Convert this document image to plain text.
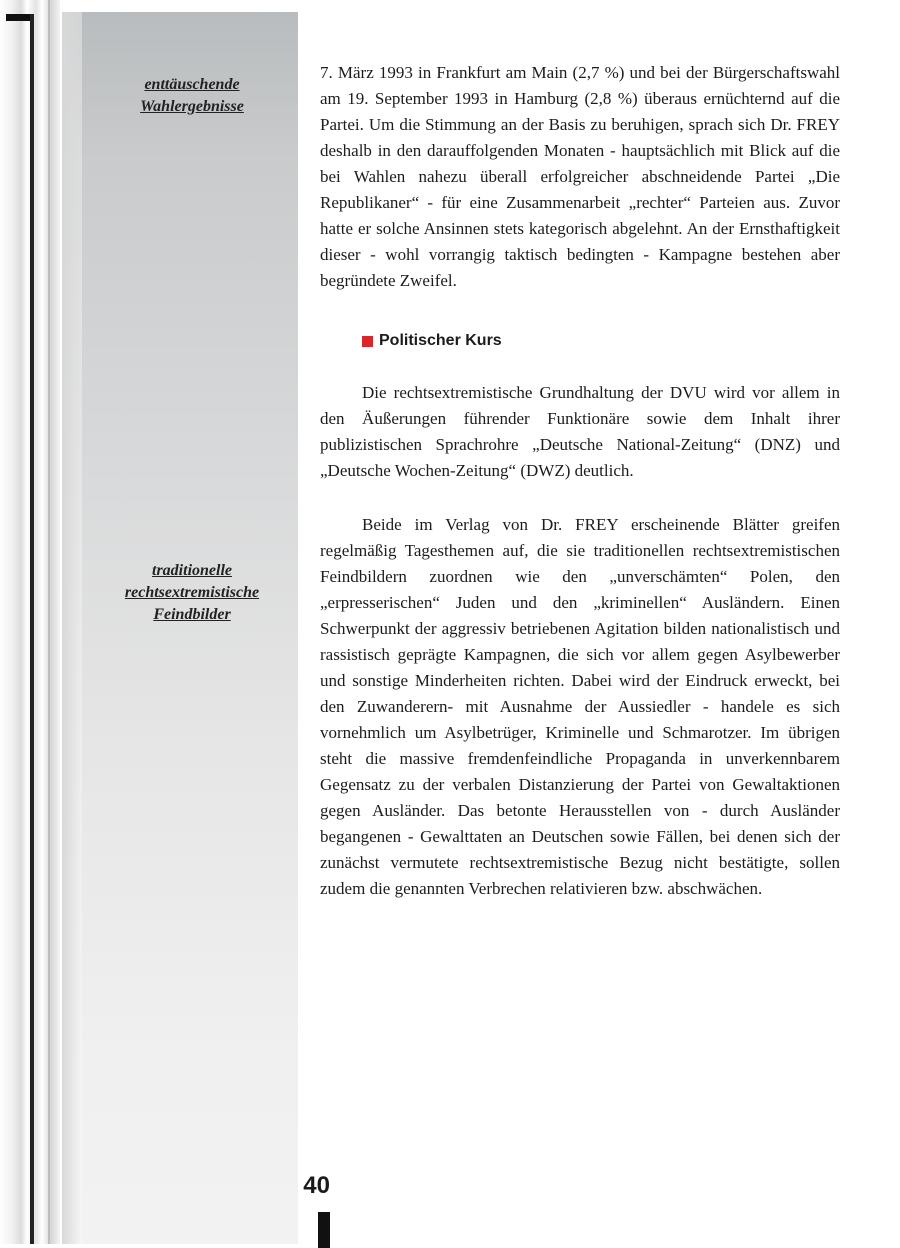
enttäuschende
Wahlergebnisse
traditionelle
rechtsextremistische
Feindbilder
40

7. März 1993 in Frankfurt am Main (2,7 %) und bei der Bürgerschaftswahl am 19. September 1993 in Hamburg (2,8 %) überaus ernüchternd auf die Partei. Um die Stimmung an der Basis zu beruhigen, sprach sich Dr. FREY deshalb in den darauffolgenden Monaten - hauptsächlich mit Blick auf die bei Wahlen nahezu überall erfolgreicher abschneidende Partei „Die Republikaner“ - für eine Zusammenarbeit „rechter“ Parteien aus. Zuvor hatte er solche Ansinnen stets kategorisch abgelehnt. An der Ernsthaftigkeit dieser - wohl vorrangig taktisch bedingten - Kampagne bestehen aber begründete Zweifel.

Politischer Kurs

Die rechtsextremistische Grundhaltung der DVU wird vor allem in den Äußerungen führender Funktionäre sowie dem Inhalt ihrer publizistischen Sprachrohre „Deutsche National-Zeitung“ (DNZ) und „Deutsche Wochen-Zeitung“ (DWZ) deutlich.

Beide im Verlag von Dr. FREY erscheinende Blätter greifen regelmäßig Tagesthemen auf, die sie traditionellen rechtsextremistischen Feindbildern zuordnen wie den „unverschämten“ Polen, den „erpresserischen“ Juden und den „kriminellen“ Ausländern. Einen Schwerpunkt der aggressiv betriebenen Agitation bilden nationalistisch und rassistisch geprägte Kampagnen, die sich vor allem gegen Asylbewerber und sonstige Minderheiten richten. Dabei wird der Eindruck erweckt, bei den Zuwanderern- mit Ausnahme der Aussiedler - handele es sich vornehmlich um Asylbetrüger, Kriminelle und Schmarotzer. Im übrigen steht die massive fremdenfeindliche Propaganda in unverkennbarem Gegensatz zu der verbalen Distanzierung der Partei von Gewaltaktionen gegen Ausländer. Das betonte Herausstellen von - durch Ausländer begangenen - Gewalttaten an Deutschen sowie Fällen, bei denen sich der zunächst vermutete rechtsextremistische Bezug nicht bestätigte, sollen zudem die genannten Verbrechen relativieren bzw. abschwächen.
